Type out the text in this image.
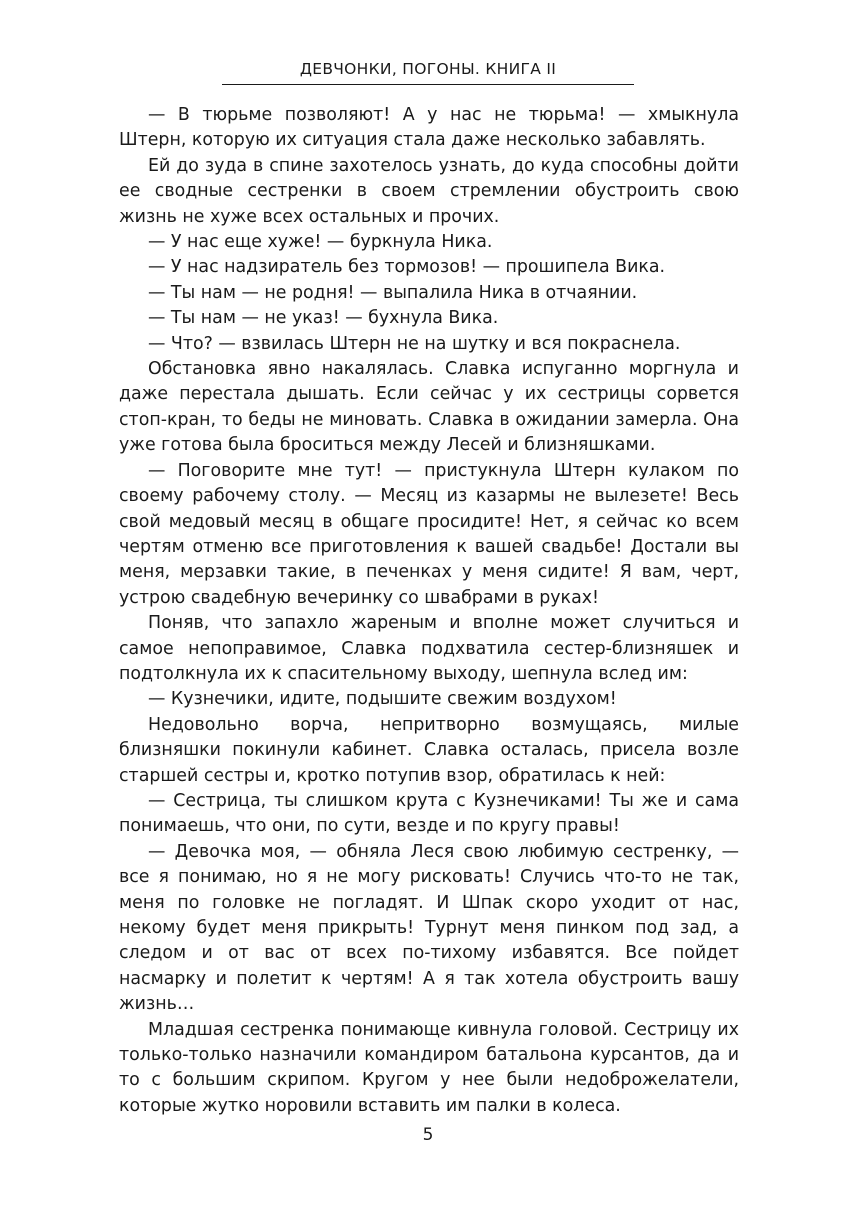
ДЕВЧОНКИ, ПОГОНЫ. КНИГА II

— В тюрьме позволяют! А у нас не тюрьма! — хмыкнула Штерн, которую их ситуация стала даже несколько забавлять.

Ей до зуда в спине захотелось узнать, до куда способны дойти ее сводные сестренки в своем стремлении обустроить свою жизнь не хуже всех остальных и прочих.

— У нас еще хуже! — буркнула Ника.

— У нас надзиратель без тормозов! — прошипела Вика.

— Ты нам — не родня! — выпалила Ника в отчаянии.

— Ты нам — не указ! — бухнула Вика.

— Что? — взвилась Штерн не на шутку и вся покраснела.

Обстановка явно накалялась. Славка испуганно моргнула и даже перестала дышать. Если сейчас у их сестрицы сорвется стоп-кран, то беды не миновать. Славка в ожидании замерла. Она уже готова была броситься между Лесей и близняшками.

— Поговорите мне тут! — пристукнула Штерн кулаком по своему рабочему столу. — Месяц из казармы не вылезете! Весь свой медовый месяц в общаге просидите! Нет, я сейчас ко всем чертям отменю все приготовления к вашей свадьбе! Достали вы меня, мерзавки такие, в печенках у меня сидите! Я вам, черт, устрою свадебную вечеринку со швабрами в руках!

Поняв, что запахло жареным и вполне может случиться и самое непоправимое, Славка подхватила сестер-близняшек и подтолкнула их к спасительному выходу, шепнула вслед им:

— Кузнечики, идите, подышите свежим воздухом!

Недовольно ворча, непритворно возмущаясь, милые близняшки покинули кабинет. Славка осталась, присела возле старшей сестры и, кротко потупив взор, обратилась к ней:

— Сестрица, ты слишком крута с Кузнечиками! Ты же и сама понимаешь, что они, по сути, везде и по кругу правы!

— Девочка моя, — обняла Леся свою любимую сестренку, — все я понимаю, но я не могу рисковать! Случись что-то не так, меня по головке не погладят. И Шпак скоро уходит от нас, некому будет меня прикрыть! Турнут меня пинком под зад, а следом и от вас от всех по-тихому избавятся. Все пойдет насмарку и полетит к чертям! А я так хотела обустроить вашу жизнь…

Младшая сестренка понимающе кивнула головой. Сестрицу их только-только назначили командиром батальона курсантов, да и то с большим скрипом. Кругом у нее были недоброжелатели, которые жутко норовили вставить им палки в колеса.

5
